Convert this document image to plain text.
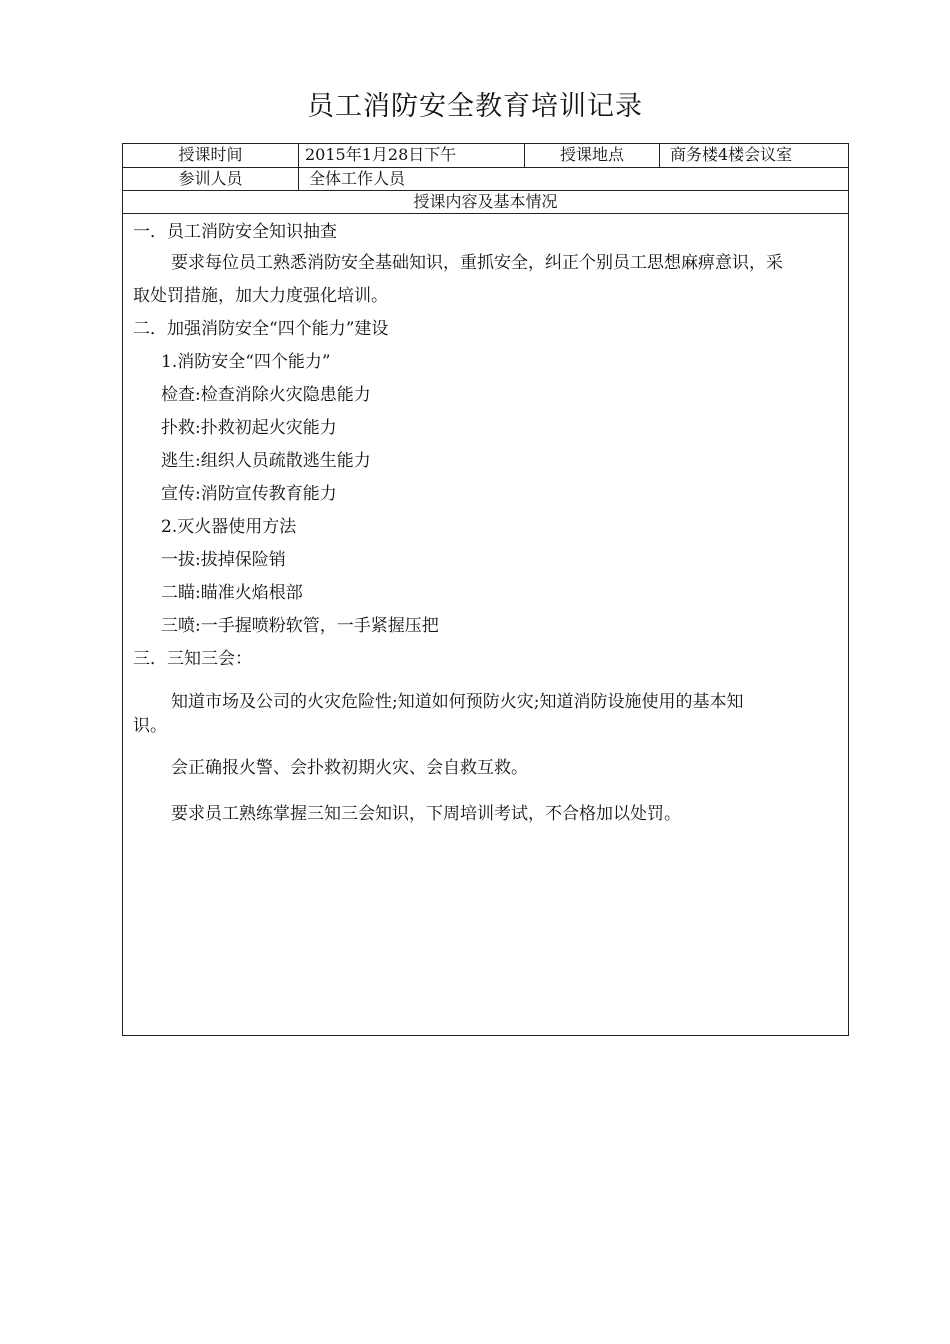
员工消防安全教育培训记录
授课时间	2015年1月28日下午	授课地点	商务楼4楼会议室
参训人员	全体工作人员
授课内容及基本情况
一．员工消防安全知识抽查
要求每位员工熟悉消防安全基础知识，重抓安全，纠正个别员工思想麻痹意识，采
取处罚措施，加大力度强化培训。
二．加强消防安全“四个能力”建设
1.消防安全“四个能力”
检查:检查消除火灾隐患能力
扑救:扑救初起火灾能力
逃生:组织人员疏散逃生能力
宣传:消防宣传教育能力
2.灭火器使用方法
一拔:拔掉保险销
二瞄:瞄准火焰根部
三喷:一手握喷粉软管，一手紧握压把
三．三知三会：
知道市场及公司的火灾危险性;知道如何预防火灾;知道消防设施使用的基本知
识。
会正确报火警、会扑救初期火灾、会自救互救。
要求员工熟练掌握三知三会知识，下周培训考试，不合格加以处罚。
